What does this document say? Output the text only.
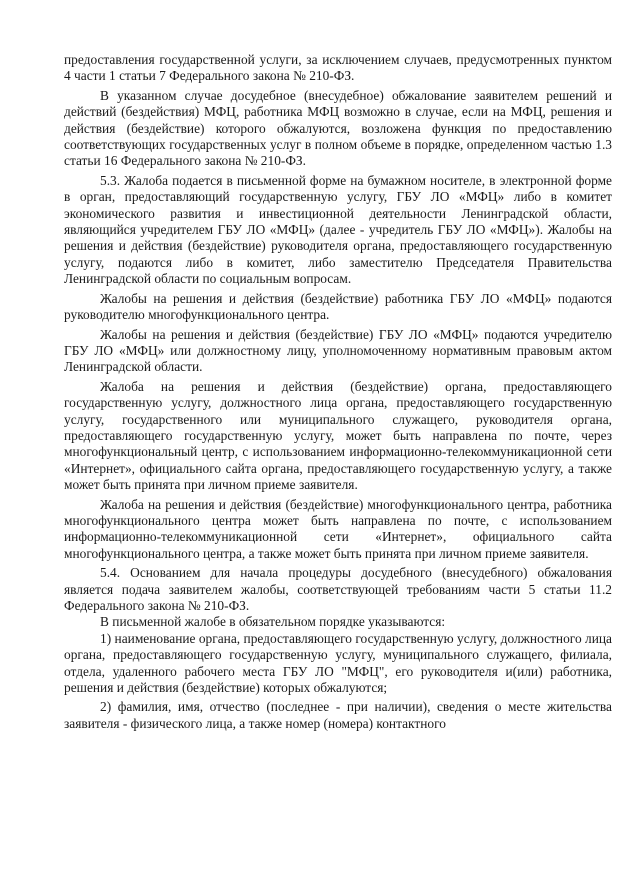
предоставления государственной услуги, за исключением случаев, предусмотренных пунктом 4 части 1 статьи 7 Федерального закона № 210-ФЗ.

В указанном случае досудебное (внесудебное) обжалование заявителем решений и действий (бездействия) МФЦ, работника МФЦ возможно в случае, если на МФЦ, решения и действия (бездействие) которого обжалуются, возложена функция по предоставлению соответствующих государственных услуг в полном объеме в порядке, определенном частью 1.3 статьи 16 Федерального закона № 210-ФЗ.

5.3. Жалоба подается в письменной форме на бумажном носителе, в электронной форме в орган, предоставляющий государственную услугу, ГБУ ЛО «МФЦ» либо в комитет экономического развития и инвестиционной деятельности Ленинградской области, являющийся учредителем ГБУ ЛО «МФЦ» (далее - учредитель ГБУ ЛО «МФЦ»). Жалобы на решения и действия (бездействие) руководителя органа, предоставляющего государственную услугу, подаются либо в комитет, либо заместителю Председателя Правительства Ленинградской области по социальным вопросам.

Жалобы на решения и действия (бездействие) работника ГБУ ЛО «МФЦ» подаются руководителю многофункционального центра.

Жалобы на решения и действия (бездействие) ГБУ ЛО «МФЦ» подаются учредителю ГБУ ЛО «МФЦ» или должностному лицу, уполномоченному нормативным правовым актом Ленинградской области.

Жалоба на решения и действия (бездействие) органа, предоставляющего государственную услугу, должностного лица органа, предоставляющего государственную услугу, государственного или муниципального служащего, руководителя органа, предоставляющего государственную услугу, может быть направлена по почте, через многофункциональный центр, с использованием информационно-телекоммуникационной сети «Интернет», официального сайта органа, предоставляющего государственную услугу, а также может быть принята при личном приеме заявителя.

Жалоба на решения и действия (бездействие) многофункционального центра, работника многофункционального центра может быть направлена по почте, с использованием информационно-телекоммуникационной сети «Интернет», официального сайта многофункционального центра, а также может быть принята при личном приеме заявителя.

5.4. Основанием для начала процедуры досудебного (внесудебного) обжалования является подача заявителем жалобы, соответствующей требованиям части 5 статьи 11.2 Федерального закона № 210-ФЗ.

В письменной жалобе в обязательном порядке указываются:

1) наименование органа, предоставляющего государственную услугу, должностного лица органа, предоставляющего государственную услугу, муниципального служащего, филиала, отдела, удаленного рабочего места ГБУ ЛО "МФЦ", его руководителя и(или) работника, решения и действия (бездействие) которых обжалуются;

2) фамилия, имя, отчество (последнее - при наличии), сведения о месте жительства заявителя - физического лица, а также номер (номера) контактного
